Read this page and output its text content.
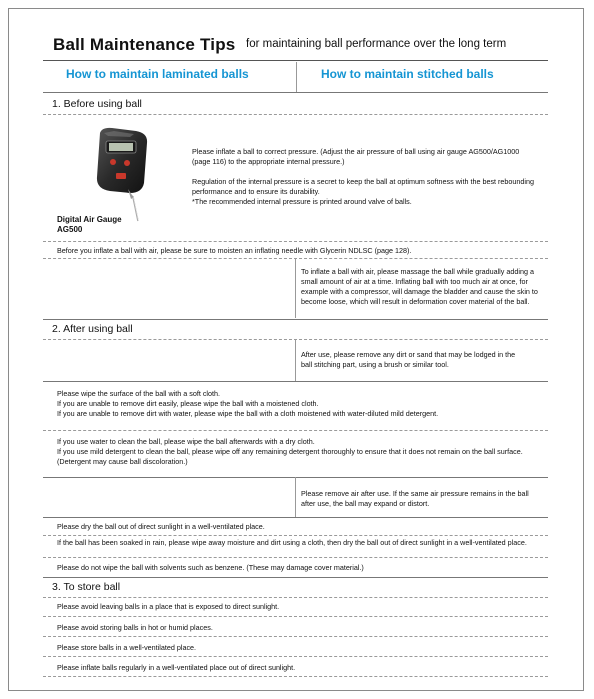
Ball Maintenance Tips for maintaining ball performance over the long term
How to maintain laminated balls	How to maintain stitched balls
1. Before using ball
Digital Air Gauge
AG500
Please inflate a ball to correct pressure. (Adjust the air pressure of ball using air gauge AG500/AG1000 (page 116) to the appropriate internal pressure.)
Regulation of the internal pressure is a secret to keep the ball at optimum softness with the best rebounding performance and to ensure its durability.
*The recommended internal pressure is printed around valve of balls.
Before you inflate a ball with air, please be sure to moisten an inflating needle with Glycerin NDLSC (page 128).
To inflate a ball with air, please massage the ball while gradually adding a small amount of air at a time. Inflating ball with too much air at once, for example with a compressor, will damage the bladder and cause the skin to become loose, which will result in deformation cover material of the ball.
2. After using ball
After use, please remove any dirt or sand that may be lodged in the ball stitching part, using a brush or similar tool.
Please wipe the surface of the ball with a soft cloth.
If you are unable to remove dirt easily, please wipe the ball with a moistened cloth.
If you are unable to remove dirt with water, please wipe the ball with a cloth moistened with water-diluted mild detergent.
If you use water to clean the ball, please wipe the ball afterwards with a dry cloth.
If you use mild detergent to clean the ball, please wipe off any remaining detergent thoroughly to ensure that it does not remain on the ball surface. (Detergent may cause ball discoloration.)
Please remove air after use. If the same air pressure remains in the ball after use, the ball may expand or distort.
Please dry the ball out of direct sunlight in a well-ventilated place.
If the ball has been soaked in rain, please wipe away moisture and dirt using a cloth, then dry the ball out of direct sunlight in a well-ventilated place.
Please do not wipe the ball with solvents such as benzene. (These may damage cover material.)
3. To store ball
Please avoid leaving balls in a place that is exposed to direct sunlight.
Please avoid storing balls in hot or humid places.
Please store balls in a well-ventilated place.
Please inflate balls regularly in a well-ventilated place out of direct sunlight.
